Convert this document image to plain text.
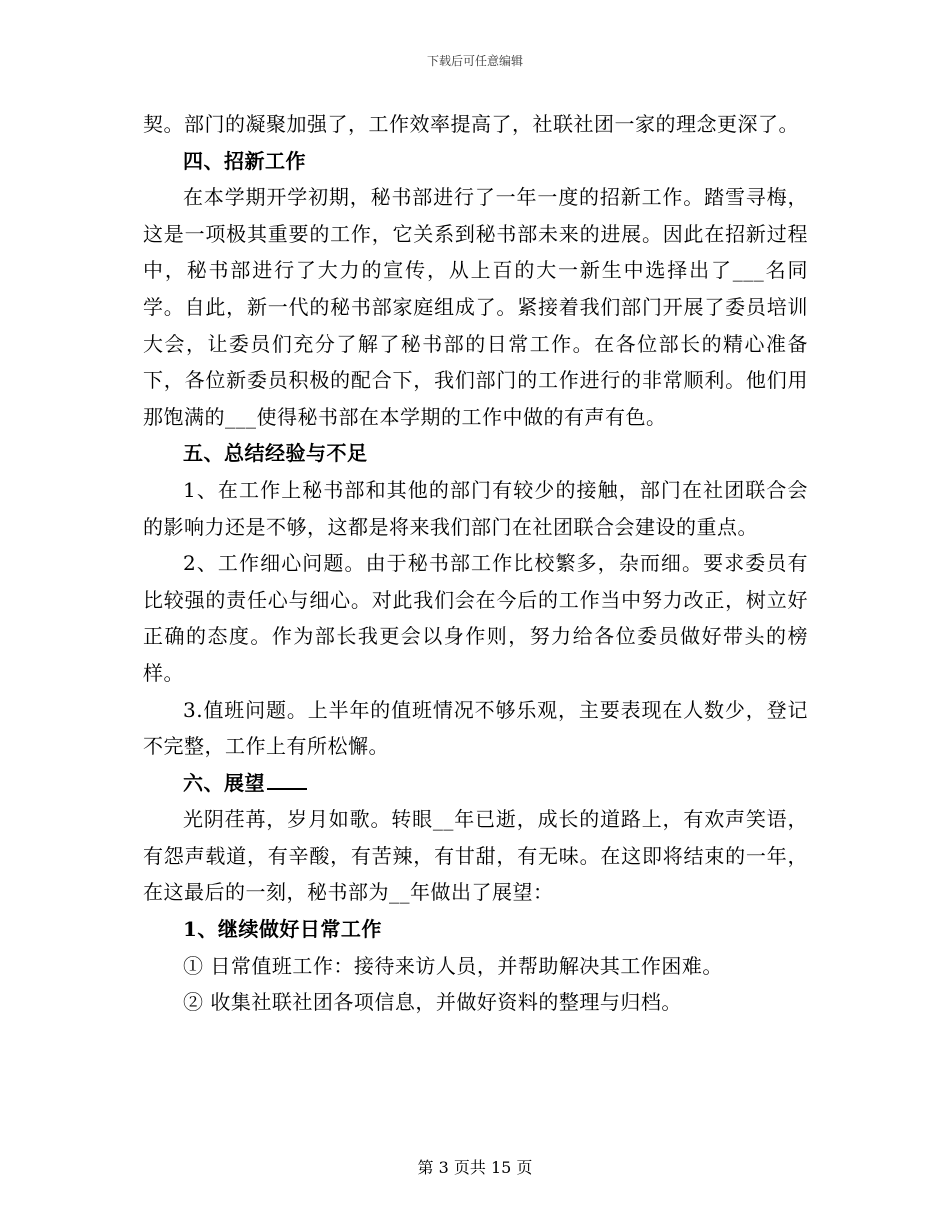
下载后可任意编辑

契。部门的凝聚加强了，工作效率提高了，社联社团一家的理念更深了。

四、招新工作

在本学期开学初期，秘书部进行了一年一度的招新工作。踏雪寻梅，这是一项极其重要的工作，它关系到秘书部未来的进展。因此在招新过程中，秘书部进行了大力的宣传，从上百的大一新生中选择出了___名同学。自此，新一代的秘书部家庭组成了。紧接着我们部门开展了委员培训大会，让委员们充分了解了秘书部的日常工作。在各位部长的精心准备下，各位新委员积极的配合下，我们部门的工作进行的非常顺利。他们用那饱满的___使得秘书部在本学期的工作中做的有声有色。

五、总结经验与不足

1、在工作上秘书部和其他的部门有较少的接触，部门在社团联合会的影响力还是不够，这都是将来我们部门在社团联合会建设的重点。

2、工作细心问题。由于秘书部工作比校繁多，杂而细。要求委员有比较强的责任心与细心。对此我们会在今后的工作当中努力改正，树立好正确的态度。作为部长我更会以身作则，努力给各位委员做好带头的榜样。

3.值班问题。上半年的值班情况不够乐观，主要表现在人数少，登记不完整，工作上有所松懈。

六、展望

光阴荏苒，岁月如歌。转眼__年已逝，成长的道路上，有欢声笑语，有怨声载道，有辛酸，有苦辣，有甘甜，有无味。在这即将结束的一年，在这最后的一刻，秘书部为__年做出了展望：

1、继续做好日常工作

① 日常值班工作：接待来访人员，并帮助解决其工作困难。

② 收集社联社团各项信息，并做好资料的整理与归档。

第 3 页共 15 页
